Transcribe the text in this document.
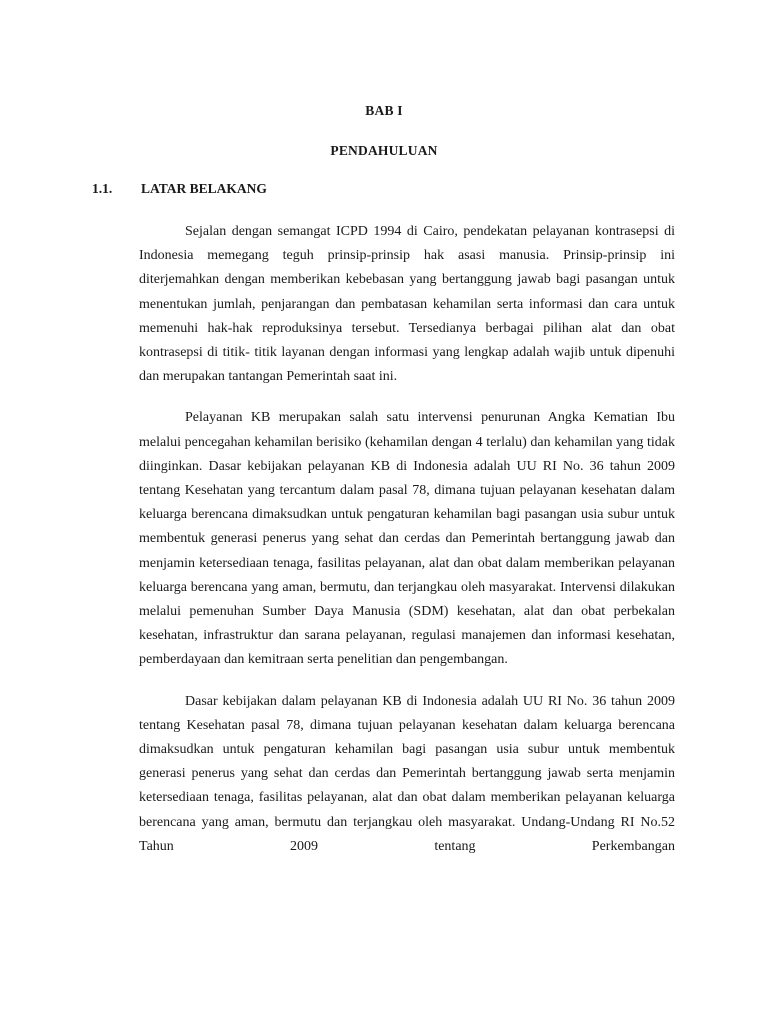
BAB I
PENDAHULUAN
1.1. LATAR BELAKANG

Sejalan dengan semangat ICPD 1994 di Cairo, pendekatan pelayanan kontrasepsi di Indonesia memegang teguh prinsip-prinsip hak asasi manusia. Prinsip-prinsip ini diterjemahkan dengan memberikan kebebasan yang bertanggung jawab bagi pasangan untuk menentukan jumlah, penjarangan dan pembatasan kehamilan serta informasi dan cara untuk memenuhi hak-hak reproduksinya tersebut. Tersedianya berbagai pilihan alat dan obat kontrasepsi di titik- titik layanan dengan informasi yang lengkap adalah wajib untuk dipenuhi dan merupakan tantangan Pemerintah saat ini.

Pelayanan KB merupakan salah satu intervensi penurunan Angka Kematian Ibu melalui pencegahan kehamilan berisiko (kehamilan dengan 4 terlalu) dan kehamilan yang tidak diinginkan. Dasar kebijakan pelayanan KB di Indonesia adalah UU RI No. 36 tahun 2009 tentang Kesehatan yang tercantum dalam pasal 78, dimana tujuan pelayanan kesehatan dalam keluarga berencana dimaksudkan untuk pengaturan kehamilan bagi pasangan usia subur untuk membentuk generasi penerus yang sehat dan cerdas dan Pemerintah bertanggung jawab dan menjamin ketersediaan tenaga, fasilitas pelayanan, alat dan obat dalam memberikan pelayanan keluarga berencana yang aman, bermutu, dan terjangkau oleh masyarakat. Intervensi dilakukan melalui pemenuhan Sumber Daya Manusia (SDM) kesehatan, alat dan obat perbekalan kesehatan, infrastruktur dan sarana pelayanan, regulasi manajemen dan informasi kesehatan, pemberdayaan dan kemitraan serta penelitian dan pengembangan.

Dasar kebijakan dalam pelayanan KB di Indonesia adalah UU RI No. 36 tahun 2009 tentang Kesehatan pasal 78, dimana tujuan pelayanan kesehatan dalam keluarga berencana dimaksudkan untuk pengaturan kehamilan bagi pasangan usia subur untuk membentuk generasi penerus yang sehat dan cerdas dan Pemerintah bertanggung jawab serta menjamin ketersediaan tenaga, fasilitas pelayanan, alat dan obat dalam memberikan pelayanan keluarga berencana yang aman, bermutu dan terjangkau oleh masyarakat. Undang-Undang RI No.52 Tahun 2009 tentang Perkembangan
